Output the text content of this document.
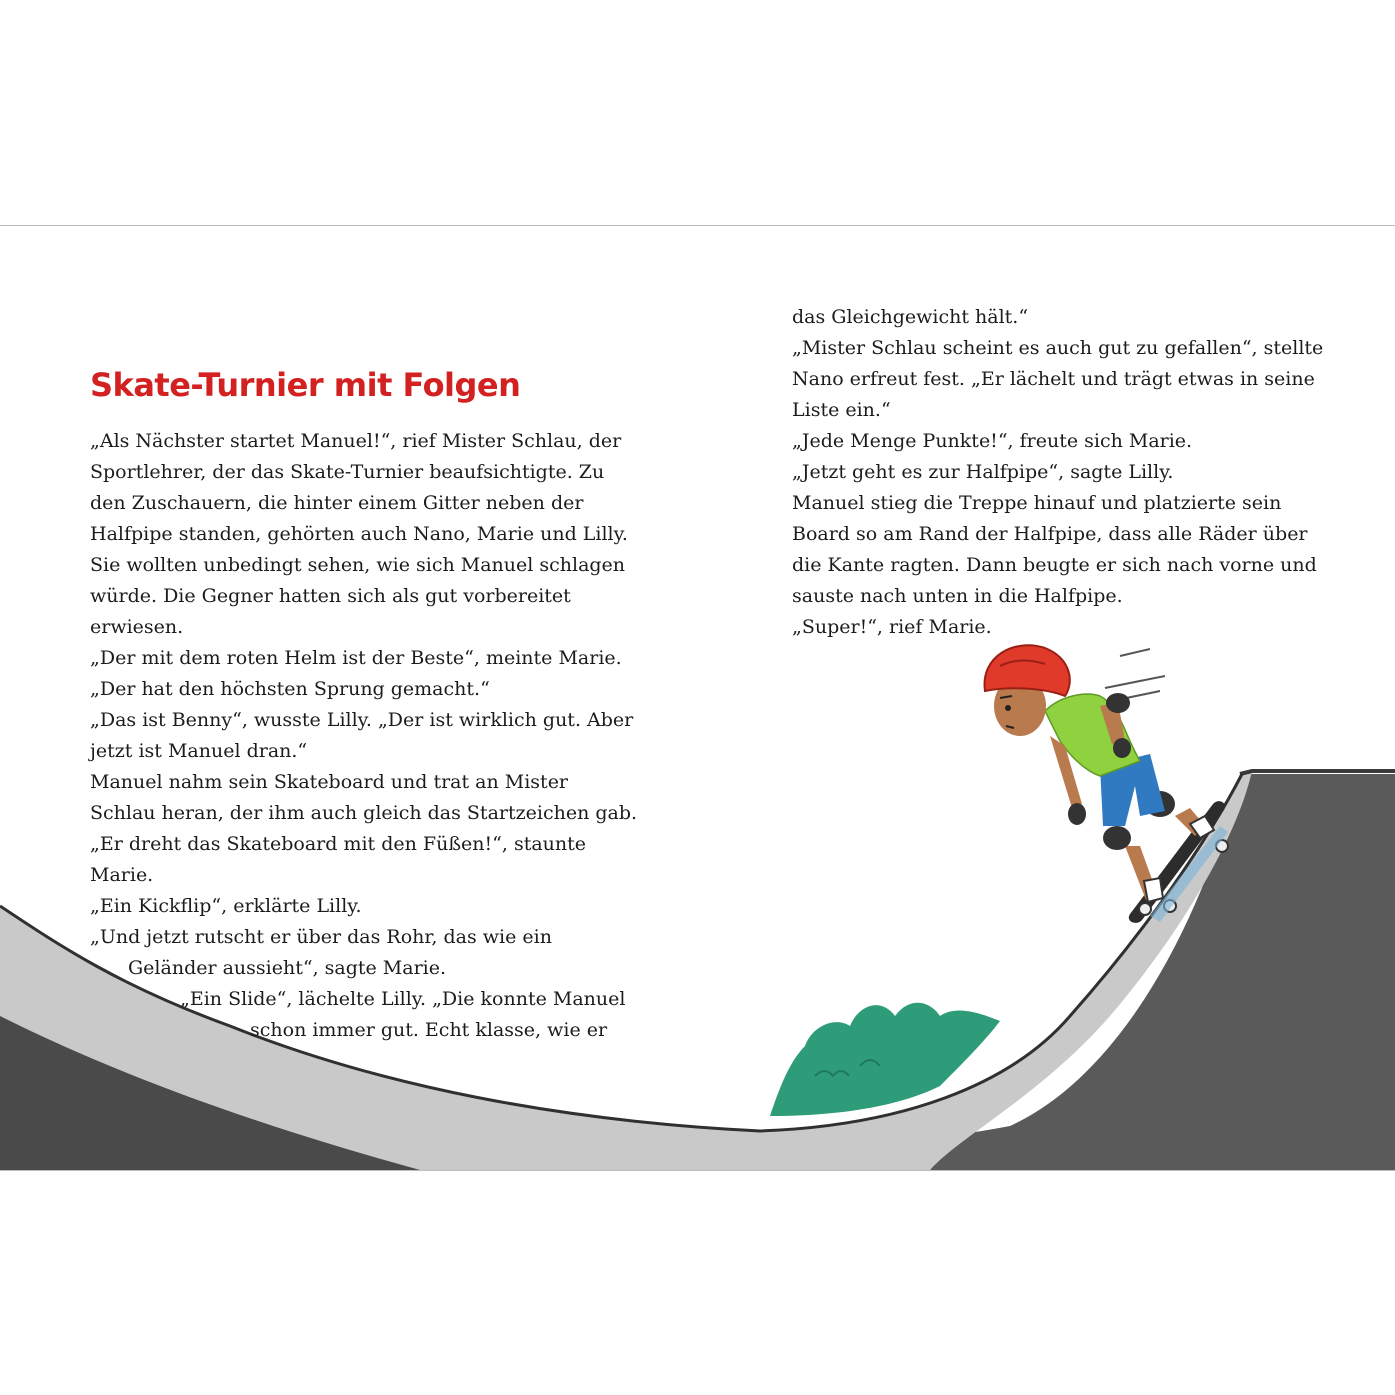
Skate-Turnier mit Folgen
„Als Nächster startet Manuel!“, rief Mister Schlau, der
Sportlehrer, der das Skate-Turnier beaufsichtigte. Zu
den Zuschauern, die hinter einem Gitter neben der
Halfpipe standen, gehörten auch Nano, Marie und Lilly.
Sie wollten unbedingt sehen, wie sich Manuel schlagen
würde. Die Gegner hatten sich als gut vorbereitet
erwiesen.
„Der mit dem roten Helm ist der Beste“, meinte Marie.
„Der hat den höchsten Sprung gemacht.“
„Das ist Benny“, wusste Lilly. „Der ist wirklich gut. Aber
jetzt ist Manuel dran.“
Manuel nahm sein Skateboard und trat an Mister
Schlau heran, der ihm auch gleich das Startzeichen gab.
„Er dreht das Skateboard mit den Füßen!“, staunte
Marie.
„Ein Kickflip“, erklärte Lilly.
„Und jetzt rutscht er über das Rohr, das wie ein
Geländer aussieht“, sagte Marie.
„Ein Slide“, lächelte Lilly. „Die konnte Manuel
schon immer gut. Echt klasse, wie er
das Gleichgewicht hält.“
„Mister Schlau scheint es auch gut zu gefallen“, stellte
Nano erfreut fest. „Er lächelt und trägt etwas in seine
Liste ein.“
„Jede Menge Punkte!“, freute sich Marie.
„Jetzt geht es zur Halfpipe“, sagte Lilly.
Manuel stieg die Treppe hinauf und platzierte sein
Board so am Rand der Halfpipe, dass alle Räder über
die Kante ragten. Dann beugte er sich nach vorne und
sauste nach unten in die Halfpipe.
„Super!“, rief Marie.
